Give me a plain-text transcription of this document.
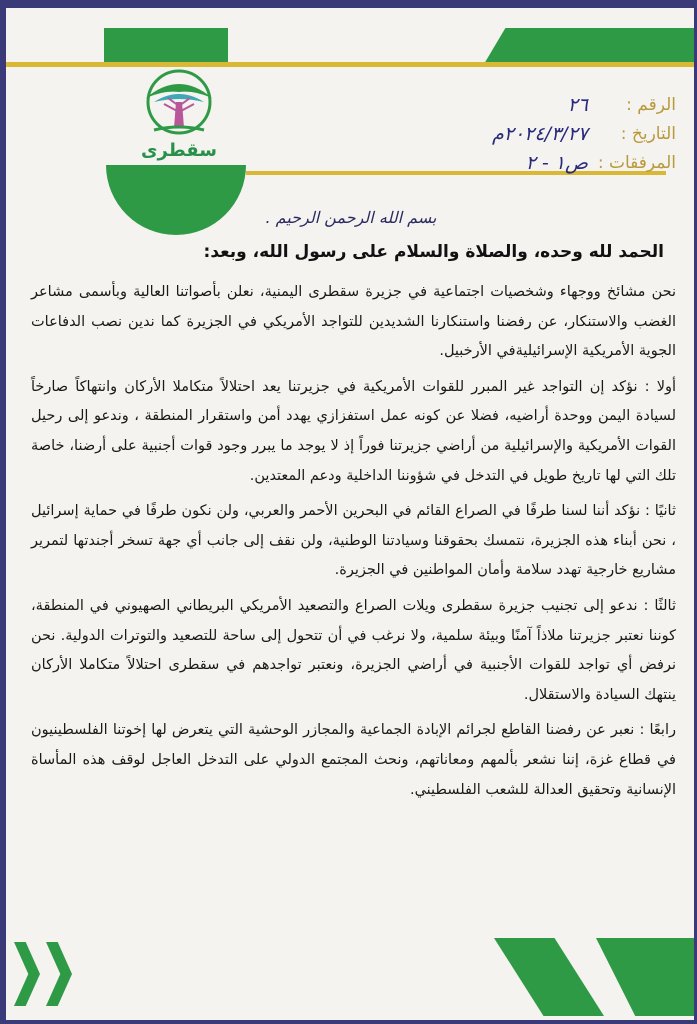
سقطرى
الرقم :
٢٦
التاريخ :
٢٠٢٤/٣/٢٧م
المرفقات :
ص١ - ٢
بسم الله الرحمن الرحيم .
الحمد لله وحده، والصلاة والسلام على رسول الله، وبعد:

نحن مشائخ ووجهاء وشخصيات اجتماعية في جزيرة سقطرى اليمنية، نعلن بأصواتنا العالية وبأسمى مشاعر الغضب والاستنكار، عن رفضنا واستنكارنا الشديدين للتواجد الأمريكي في الجزيرة كما ندين نصب الدفاعات الجوية الأمريكية الإسرائيليةفي الأرخبيل.

أولا : نؤكد إن التواجد غير المبرر للقوات الأمريكية في جزيرتنا يعد احتلالاً متكاملا الأركان وانتهاكاً صارخاً لسيادة اليمن ووحدة أراضيه، فضلا عن كونه عمل استفزازي يهدد أمن واستقرار المنطقة ، وندعو إلى رحيل القوات الأمريكية والإسرائيلية من أراضي جزيرتنا فوراً إذ لا يوجد ما يبرر وجود قوات أجنبية على أرضنا، خاصة تلك التي لها تاريخ طويل في التدخل في شؤوننا الداخلية ودعم المعتدين.

ثانيًا : نؤكد أننا لسنا طرفًا في الصراع القائم في البحرين الأحمر والعربي، ولن نكون طرفًا في حماية إسرائيل ، نحن أبناء هذه الجزيرة، نتمسك بحقوقنا وسيادتنا الوطنية، ولن نقف إلى جانب أي جهة تسخر أجندتها لتمرير مشاريع خارجية تهدد سلامة وأمان المواطنين في الجزيرة.

ثالثًا : ندعو إلى تجنيب جزيرة سقطرى ويلات الصراع والتصعيد الأمريكي البريطاني الصهيوني في المنطقة، كوننا نعتبر جزيرتنا ملاذاً آمنًا وبيئة سلمية، ولا نرغب في أن تتحول إلى ساحة للتصعيد والتوترات الدولية. نحن نرفض أي تواجد للقوات الأجنبية في أراضي الجزيرة، ونعتبر تواجدهم في سقطرى احتلالاً متكاملا الأركان ينتهك السيادة والاستقلال.

رابعًا : نعبر عن رفضنا القاطع لجرائم الإبادة الجماعية والمجازر الوحشية التي يتعرض لها إخوتنا الفلسطينيون في قطاع غزة، إننا نشعر بألمهم ومعاناتهم، ونحث المجتمع الدولي على التدخل العاجل لوقف هذه المأساة الإنسانية وتحقيق العدالة للشعب الفلسطيني.
